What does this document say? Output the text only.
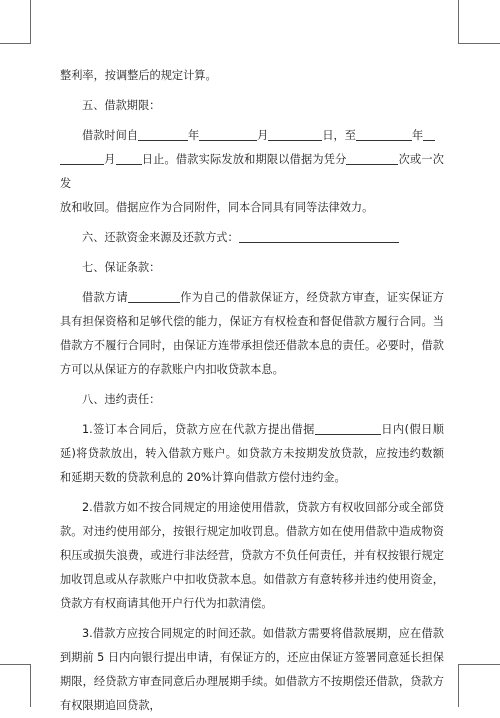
整利率，按调整后的规定计算。

五、借款期限：

借款时间自	年	月	日，至	年

月 日止。借款实际发放和期限以借据为凭分	次或一次发

放和收回。借据应作为合同附件，同本合同具有同等法律效力。

六、还款资金来源及还款方式：

七、保证条款：

借款方请	作为自己的借款保证方，经贷款方审查，证实保证方具有担保资格和足够代偿的能力，保证方有权检查和督促借款方履行合同。当借款方不履行合同时，由保证方连带承担偿还借款本息的责任。必要时，借款方可以从保证方的存款账户内扣收贷款本息。

八、违约责任：

1.签订本合同后，贷款方应在代款方提出借据	日内(假日顺延)将贷款放出，转入借款方账户。如贷款方未按期发放贷款，应按违约数额和延期天数的贷款利息的 20%计算向借款方偿付违约金。

2.借款方如不按合同规定的用途使用借款，贷款方有权收回部分或全部贷款。对违约使用部分，按银行规定加收罚息。借款方如在使用借款中造成物资积压或损失浪费，或进行非法经营，贷款方不负任何责任，并有权按银行规定加收罚息或从存款账户中扣收贷款本息。如借款方有意转移并违约使用资金，贷款方有权商请其他开户行代为扣款清偿。

3.借款方应按合同规定的时间还款。如借款方需要将借款展期，应在借款到期前 5 日内向银行提出申请，有保证方的，还应由保证方签署同意延长担保期限，经贷款方审查同意后办理展期手续。如借款方不按期偿还借款，贷款方有权限期追回贷款，
